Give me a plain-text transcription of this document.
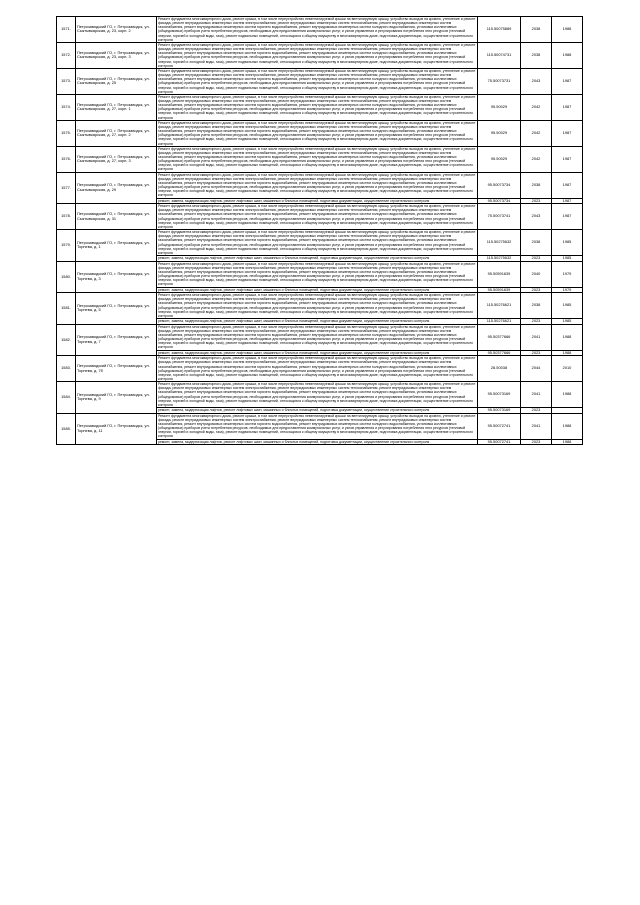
1571.	Петрозаводский ГО, г. Петрозаводск, ул. Сыктывкарская, д. 23, корп. 2	Ремонт фундамента многоквартирного дома, ремонт крыши, в том числе переустройство невентилируемой крыши на вентилируемую крышу, устройство выходов на кровлю, утепление и ремонт фасада, ремонт внутридомовых инженерных систем электроснабжения, ремонт внутридомовых инженерных систем теплоснабжения, ремонт внутридомовых инженерных систем газоснабжения, ремонт внутридомовых инженерных систем горячего водоснабжения, ремонт внутридомовых инженерных систем холодного водоснабжения, установка коллективных (общедомовых) приборов учета потребления ресурсов, необходимых для предоставления коммунальных услуг, и узлов управления и регулирования потребления этих ресурсов (тепловой энергии, горячей и холодной воды, газа), ремонт подвальных помещений, относящихся к общему имуществу в многоквартирном доме, подготовка документации, осуществление строительного контроля	115.50075889	2038	1988
1572.	Петрозаводский ГО, г. Петрозаводск, ул. Сыктывкарская, д. 23, корп. 3	Ремонт фундамента многоквартирного дома, ремонт крыши, в том числе переустройство невентилируемой крыши на вентилируемую крышу, устройство выходов на кровлю, утепление и ремонт фасада, ремонт внутридомовых инженерных систем электроснабжения, ремонт внутридомовых инженерных систем теплоснабжения, ремонт внутридомовых инженерных систем газоснабжения, ремонт внутридомовых инженерных систем горячего водоснабжения, ремонт внутридомовых инженерных систем холодного водоснабжения, установка коллективных (общедомовых) приборов учета потребления ресурсов, необходимых для предоставления коммунальных услуг, и узлов управления и регулирования потребления этих ресурсов (тепловой энергии, горячей и холодной воды, газа), ремонт подвальных помещений, относящихся к общему имуществу в многоквартирном доме, подготовка документации, осуществление строительного контроля	115.50074731	2038	1988
1573.	Петрозаводский ГО, г. Петрозаводск, ул. Сыктывкарская, д. 25	Ремонт фундамента многоквартирного дома, ремонт крыши, в том числе переустройство невентилируемой крыши на вентилируемую крышу, устройство выходов на кровлю, утепление и ремонт фасада, ремонт внутридомовых инженерных систем электроснабжения, ремонт внутридомовых инженерных систем теплоснабжения, ремонт внутридомовых инженерных систем газоснабжения, ремонт внутридомовых инженерных систем горячего водоснабжения, ремонт внутридомовых инженерных систем холодного водоснабжения, установка коллективных (общедомовых) приборов учета потребления ресурсов, необходимых для предоставления коммунальных услуг, и узлов управления и регулирования потребления этих ресурсов (тепловой энергии, горячей и холодной воды, газа), ремонт подвальных помещений, относящихся к общему имуществу в многоквартирном доме, подготовка документации, осуществление строительного контроля	75.50073731	2043	1987
1574.	Петрозаводский ГО, г. Петрозаводск, ул. Сыктывкарская, д. 27, корп. 1	Ремонт фундамента многоквартирного дома, ремонт крыши, в том числе переустройство невентилируемой крыши на вентилируемую крышу, устройство выходов на кровлю, утепление и ремонт фасада, ремонт внутридомовых инженерных систем электроснабжения, ремонт внутридомовых инженерных систем теплоснабжения, ремонт внутридомовых инженерных систем газоснабжения, ремонт внутридомовых инженерных систем горячего водоснабжения, ремонт внутридомовых инженерных систем холодного водоснабжения, установка коллективных (общедомовых) приборов учета потребления ресурсов, необходимых для предоставления коммунальных услуг, и узлов управления и регулирования потребления этих ресурсов (тепловой энергии, горячей и холодной воды, газа), ремонт подвальных помещений, относящихся к общему имуществу в многоквартирном доме, подготовка документации, осуществление строительного контроля	95.50029	2042	1987
1575.	Петрозаводский ГО, г. Петрозаводск, ул. Сыктывкарская, д. 27, корп. 2	Ремонт фундамента многоквартирного дома, ремонт крыши, в том числе переустройство невентилируемой крыши на вентилируемую крышу, устройство выходов на кровлю, утепление и ремонт фасада, ремонт внутридомовых инженерных систем электроснабжения, ремонт внутридомовых инженерных систем теплоснабжения, ремонт внутридомовых инженерных систем газоснабжения, ремонт внутридомовых инженерных систем горячего водоснабжения, ремонт внутридомовых инженерных систем холодного водоснабжения, установка коллективных (общедомовых) приборов учета потребления ресурсов, необходимых для предоставления коммунальных услуг, и узлов управления и регулирования потребления этих ресурсов (тепловой энергии, горячей и холодной воды, газа), ремонт подвальных помещений, относящихся к общему имуществу в многоквартирном доме, подготовка документации, осуществление строительного контроля	95.50029	2042	1987
1576.	Петрозаводский ГО, г. Петрозаводск, ул. Сыктывкарская, д. 27, корп. 3	Ремонт фундамента многоквартирного дома, ремонт крыши, в том числе переустройство невентилируемой крыши на вентилируемую крышу, устройство выходов на кровлю, утепление и ремонт фасада, ремонт внутридомовых инженерных систем электроснабжения, ремонт внутридомовых инженерных систем теплоснабжения, ремонт внутридомовых инженерных систем газоснабжения, ремонт внутридомовых инженерных систем горячего водоснабжения, ремонт внутридомовых инженерных систем холодного водоснабжения, установка коллективных (общедомовых) приборов учета потребления ресурсов, необходимых для предоставления коммунальных услуг, и узлов управления и регулирования потребления этих ресурсов (тепловой энергии, горячей и холодной воды, газа), ремонт подвальных помещений, относящихся к общему имуществу в многоквартирном доме, подготовка документации, осуществление строительного контроля	95.50029	2042	1987
1577.	Петрозаводский ГО, г. Петрозаводск, ул. Сыктывкарская, д. 29	Ремонт фундамента многоквартирного дома, ремонт крыши, в том числе переустройство невентилируемой крыши на вентилируемую крышу, устройство выходов на кровлю, утепление и ремонт фасада, ремонт внутридомовых инженерных систем электроснабжения, ремонт внутридомовых инженерных систем теплоснабжения, ремонт внутридомовых инженерных систем газоснабжения, ремонт внутридомовых инженерных систем горячего водоснабжения, ремонт внутридомовых инженерных систем холодного водоснабжения, установка коллективных (общедомовых) приборов учета потребления ресурсов, необходимых для предоставления коммунальных услуг, и узлов управления и регулирования потребления этих ресурсов (тепловой энергии, горячей и холодной воды, газа), ремонт подвальных помещений, относящихся к общему имуществу в многоквартирном доме, подготовка документации, осуществление строительного контроля	95.50073734	2038	1987
		ремонт, замена, модернизация лифтов, ремонт лифтовых шахт, машинных и блочных помещений, подготовка документации, осуществление строительного контроля	95.50073734	2023	1987
1578.	Петрозаводский ГО, г. Петрозаводск, ул. Сыктывкарская, д. 31	Ремонт фундамента многоквартирного дома, ремонт крыши, в том числе переустройство невентилируемой крыши на вентилируемую крышу, устройство выходов на кровлю, утепление и ремонт фасада, ремонт внутридомовых инженерных систем электроснабжения, ремонт внутридомовых инженерных систем теплоснабжения, ремонт внутридомовых инженерных систем газоснабжения, ремонт внутридомовых инженерных систем горячего водоснабжения, ремонт внутридомовых инженерных систем холодного водоснабжения, установка коллективных (общедомовых) приборов учета потребления ресурсов, необходимых для предоставления коммунальных услуг, и узлов управления и регулирования потребления этих ресурсов (тепловой энергии, горячей и холодной воды, газа), ремонт подвальных помещений, относящихся к общему имуществу в многоквартирном доме, подготовка документации, осуществление строительного контроля	75.50073741	2043	1987
1579.	Петрозаводский ГО, г. Петрозаводск, ул. Торнева, д. 1	Ремонт фундамента многоквартирного дома, ремонт крыши, в том числе переустройство невентилируемой крыши на вентилируемую крышу, устройство выходов на кровлю, утепление и ремонт фасада, ремонт внутридомовых инженерных систем электроснабжения, ремонт внутридомовых инженерных систем теплоснабжения, ремонт внутридомовых инженерных систем газоснабжения, ремонт внутридомовых инженерных систем горячего водоснабжения, ремонт внутридомовых инженерных систем холодного водоснабжения, установка коллективных (общедомовых) приборов учета потребления ресурсов, необходимых для предоставления коммунальных услуг, и узлов управления и регулирования потребления этих ресурсов (тепловой энергии, горячей и холодной воды, газа), ремонт подвальных помещений, относящихся к общему имуществу в многоквартирном доме, подготовка документации, осуществление строительного контроля	115.50275632	2038	1985
		ремонт, замена, модернизация лифтов, ремонт лифтовых шахт, машинных и блочных помещений, подготовка документации, осуществление строительного контроля	115.50275632	2023	1985
1580.	Петрозаводский ГО, г. Петрозаводск, ул. Торнева, д. 3	Ремонт фундамента многоквартирного дома, ремонт крыши, в том числе переустройство невентилируемой крыши на вентилируемую крышу, устройство выходов на кровлю, утепление и ремонт фасада, ремонт внутридомовых инженерных систем электроснабжения, ремонт внутридомовых инженерных систем теплоснабжения, ремонт внутридомовых инженерных систем газоснабжения, ремонт внутридомовых инженерных систем горячего водоснабжения, ремонт внутридомовых инженерных систем холодного водоснабжения, установка коллективных (общедомовых) приборов учета потребления ресурсов, необходимых для предоставления коммунальных услуг, и узлов управления и регулирования потребления этих ресурсов (тепловой энергии, горячей и холодной воды, газа), ремонт подвальных помещений, относящихся к общему имуществу в многоквартирном доме, подготовка документации, осуществление строительного контроля	95.50591639	2040	1979
		ремонт, замена, модернизация лифтов, ремонт лифтовых шахт, машинных и блочных помещений, подготовка документации, осуществление строительного контроля	95.50591639	2023	1979
1581.	Петрозаводский ГО, г. Петрозаводск, ул. Торнева, д. 5	Ремонт фундамента многоквартирного дома, ремонт крыши, в том числе переустройство невентилируемой крыши на вентилируемую крышу, устройство выходов на кровлю, утепление и ремонт фасада, ремонт внутридомовых инженерных систем электроснабжения, ремонт внутридомовых инженерных систем теплоснабжения, ремонт внутридомовых инженерных систем газоснабжения, ремонт внутридомовых инженерных систем горячего водоснабжения, ремонт внутридомовых инженерных систем холодного водоснабжения, установка коллективных (общедомовых) приборов учета потребления ресурсов, необходимых для предоставления коммунальных услуг, и узлов управления и регулирования потребления этих ресурсов (тепловой энергии, горячей и холодной воды, газа), ремонт подвальных помещений, относящихся к общему имуществу в многоквартирном доме, подготовка документации, осуществление строительного контроля	115.50276621	2038	1985
		ремонт, замена, модернизация лифтов, ремонт лифтовых шахт, машинных и блочных помещений, подготовка документации, осуществление строительного контроля	115.50276621	2023	1985
1582.	Петрозаводский ГО, г. Петрозаводск, ул. Торнева, д. 7	Ремонт фундамента многоквартирного дома, ремонт крыши, в том числе переустройство невентилируемой крыши на вентилируемую крышу, устройство выходов на кровлю, утепление и ремонт фасада, ремонт внутридомовых инженерных систем электроснабжения, ремонт внутридомовых инженерных систем теплоснабжения, ремонт внутридомовых инженерных систем газоснабжения, ремонт внутридомовых инженерных систем горячего водоснабжения, ремонт внутридомовых инженерных систем холодного водоснабжения, установка коллективных (общедомовых) приборов учета потребления ресурсов, необходимых для предоставления коммунальных услуг, и узлов управления и регулирования потребления этих ресурсов (тепловой энергии, горячей и холодной воды, газа), ремонт подвальных помещений, относящихся к общему имуществу в многоквартирном доме, подготовка документации, осуществление строительного контроля	95.50377666	2041	1988
		ремонт, замена, модернизация лифтов, ремонт лифтовых шахт, машинных и блочных помещений, подготовка документации, осуществление строительного контроля	95.50377666	2023	1988
1583.	Петрозаводский ГО, г. Петрозаводск, ул. Торнева, д. 7б	Ремонт фундамента многоквартирного дома, ремонт крыши, в том числе переустройство невентилируемой крыши на вентилируемую крышу, устройство выходов на кровлю, утепление и ремонт фасада, ремонт внутридомовых инженерных систем электроснабжения, ремонт внутридомовых инженерных систем теплоснабжения, ремонт внутридомовых инженерных систем газоснабжения, ремонт внутридомовых инженерных систем горячего водоснабжения, ремонт внутридомовых инженерных систем холодного водоснабжения, установка коллективных (общедомовых) приборов учета потребления ресурсов, необходимых для предоставления коммунальных услуг, и узлов управления и регулирования потребления этих ресурсов (тепловой энергии, горячей и холодной воды, газа), ремонт подвальных помещений, относящихся к общему имуществу в многоквартирном доме, подготовка документации, осуществление строительного контроля	28.50038	2044	2010
1584.	Петрозаводский ГО, г. Петрозаводск, ул. Торнева, д. 9	Ремонт фундамента многоквартирного дома, ремонт крыши, в том числе переустройство невентилируемой крыши на вентилируемую крышу, устройство выходов на кровлю, утепление и ремонт фасада, ремонт внутридомовых инженерных систем электроснабжения, ремонт внутридомовых инженерных систем теплоснабжения, ремонт внутридомовых инженерных систем газоснабжения, ремонт внутридомовых инженерных систем горячего водоснабжения, ремонт внутридомовых инженерных систем холодного водоснабжения, установка коллективных (общедомовых) приборов учета потребления ресурсов, необходимых для предоставления коммунальных услуг, и узлов управления и регулирования потребления этих ресурсов (тепловой энергии, горячей и холодной воды, газа), ремонт подвальных помещений, относящихся к общему имуществу в многоквартирном доме, подготовка документации, осуществление строительного контроля	95.50073169	2041	1988
		ремонт, замена, модернизация лифтов, ремонт лифтовых шахт, машинных и блочных помещений, подготовка документации, осуществление строительного контроля	95.50073169	2023	
1585.	Петрозаводский ГО, г. Петрозаводск, ул. Торнева, д. 11	Ремонт фундамента многоквартирного дома, ремонт крыши, в том числе переустройство невентилируемой крыши на вентилируемую крышу, устройство выходов на кровлю, утепление и ремонт фасада, ремонт внутридомовых инженерных систем электроснабжения, ремонт внутридомовых инженерных систем теплоснабжения, ремонт внутридомовых инженерных систем газоснабжения, ремонт внутридомовых инженерных систем горячего водоснабжения, ремонт внутридомовых инженерных систем холодного водоснабжения, установка коллективных (общедомовых) приборов учета потребления ресурсов, необходимых для предоставления коммунальных услуг, и узлов управления и регулирования потребления этих ресурсов (тепловой энергии, горячей и холодной воды, газа), ремонт подвальных помещений, относящихся к общему имуществу в многоквартирном доме, подготовка документации, осуществление строительного контроля	95.50072741	2041	1988
		ремонт, замена, модернизация лифтов, ремонт лифтовых шахт, машинных и блочных помещений, подготовка документации, осуществление строительного контроля	95.50072741	2023	1988
